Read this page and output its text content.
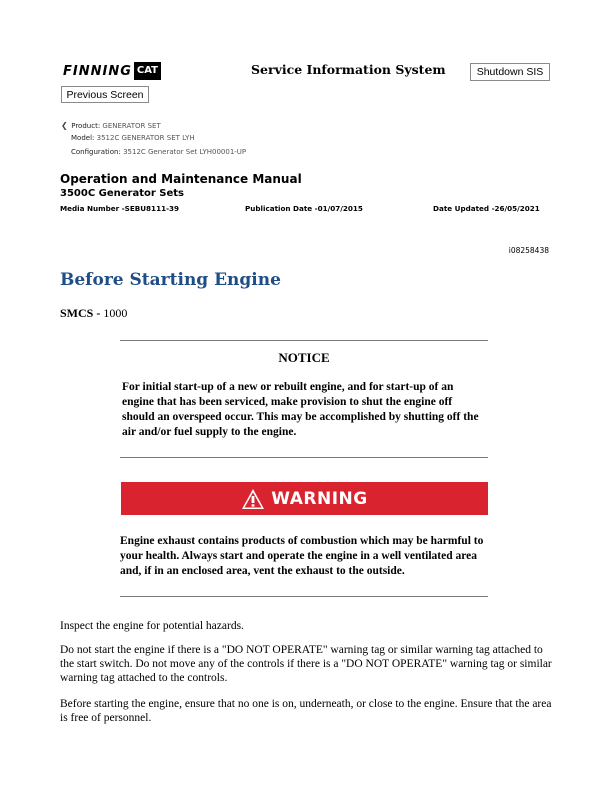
FINNING CAT	Service Information System	Shutdown SIS
Previous Screen
❮ Product: GENERATOR SET
Model: 3512C GENERATOR SET LYH
Configuration: 3512C Generator Set LYH00001-UP
Operation and Maintenance Manual
3500C Generator Sets
Media Number -SEBU8111-39	Publication Date -01/07/2015	Date Updated -26/05/2021
i08258438
Before Starting Engine
SMCS - 1000
NOTICE
For initial start-up of a new or rebuilt engine, and for start-up of an engine that has been serviced, make provision to shut the engine off should an overspeed occur. This may be accomplished by shutting off the air and/or fuel supply to the engine.
WARNING
Engine exhaust contains products of combustion which may be harmful to your health. Always start and operate the engine in a well ventilated area and, if in an enclosed area, vent the exhaust to the outside.
Inspect the engine for potential hazards.
Do not start the engine if there is a "DO NOT OPERATE" warning tag or similar warning tag attached to the start switch. Do not move any of the controls if there is a "DO NOT OPERATE" warning tag or similar warning tag attached to the controls.
Before starting the engine, ensure that no one is on, underneath, or close to the engine. Ensure that the area is free of personnel.
